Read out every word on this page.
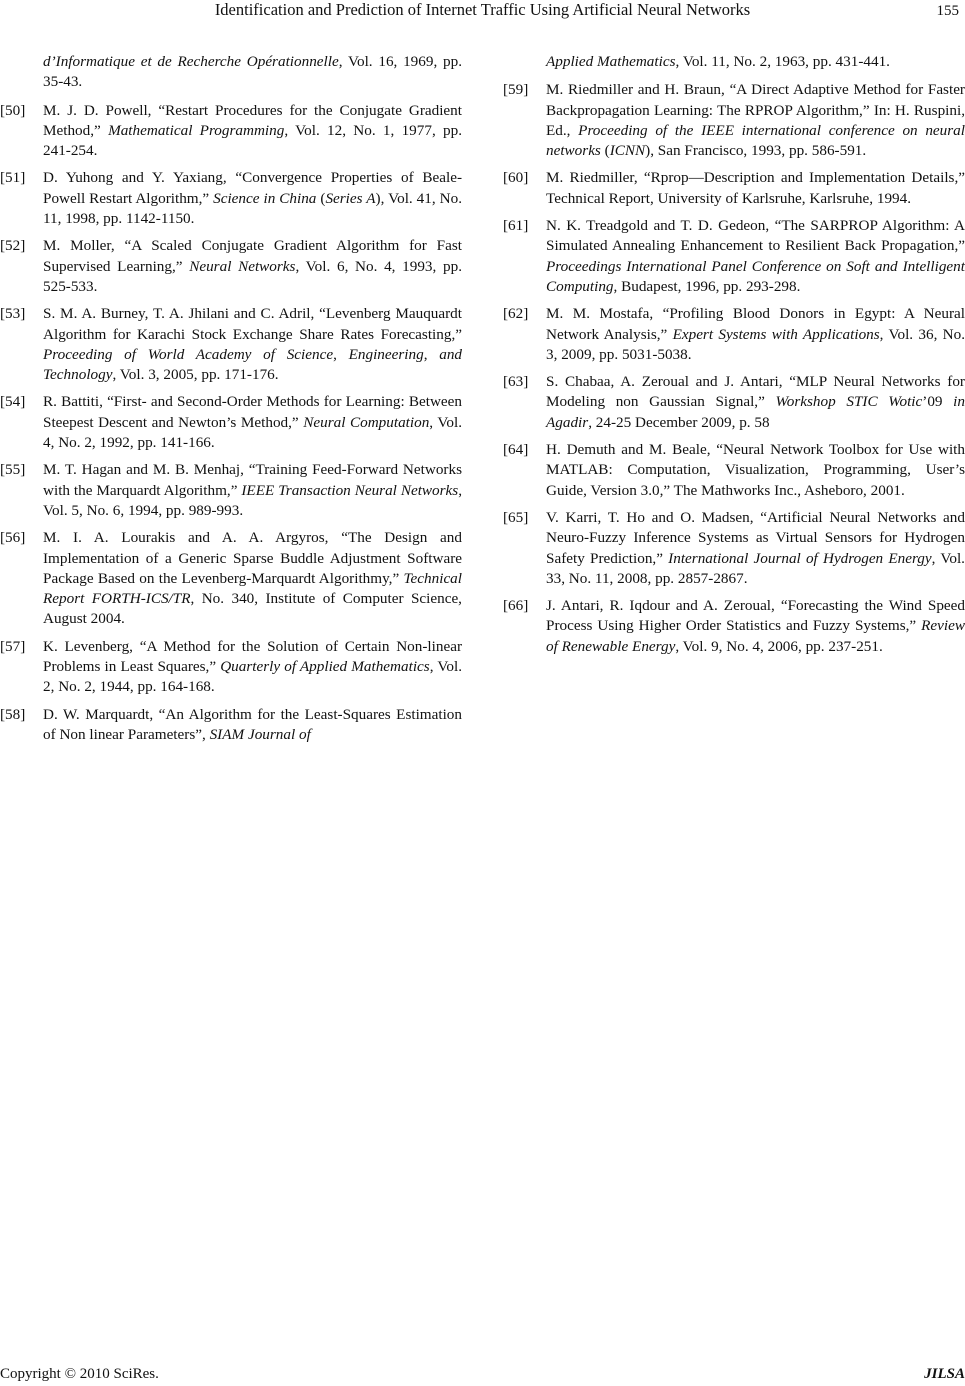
Identification and Prediction of Internet Traffic Using Artificial Neural Networks	155
d’Informatique et de Recherche Opérationnelle, Vol. 16, 1969, pp. 35-43.
[50] M. J. D. Powell, “Restart Procedures for the Conjugate Gradient Method,” Mathematical Programming, Vol. 12, No. 1, 1977, pp. 241-254.
[51] D. Yuhong and Y. Yaxiang, “Convergence Properties of Beale-Powell Restart Algorithm,” Science in China (Series A), Vol. 41, No. 11, 1998, pp. 1142-1150.
[52] M. Moller, “A Scaled Conjugate Gradient Algorithm for Fast Supervised Learning,” Neural Networks, Vol. 6, No. 4, 1993, pp. 525-533.
[53] S. M. A. Burney, T. A. Jhilani and C. Adril, “Levenberg Mauquardt Algorithm for Karachi Stock Exchange Share Rates Forecasting,” Proceeding of World Academy of Science, Engineering, and Technology, Vol. 3, 2005, pp. 171-176.
[54] R. Battiti, “First- and Second-Order Methods for Learning: Between Steepest Descent and Newton’s Method,” Neural Computation, Vol. 4, No. 2, 1992, pp. 141-166.
[55] M. T. Hagan and M. B. Menhaj, “Training Feed-Forward Networks with the Marquardt Algorithm,” IEEE Transaction Neural Networks, Vol. 5, No. 6, 1994, pp. 989-993.
[56] M. I. A. Lourakis and A. A. Argyros, “The Design and Implementation of a Generic Sparse Buddle Adjustment Software Package Based on the Levenberg-Marquardt Algorithmy,” Technical Report FORTH-ICS/TR, No. 340, Institute of Computer Science, August 2004.
[57] K. Levenberg, “A Method for the Solution of Certain Non-linear Problems in Least Squares,” Quarterly of Applied Mathematics, Vol. 2, No. 2, 1944, pp. 164-168.
[58] D. W. Marquardt, “An Algorithm for the Least-Squares Estimation of Non linear Parameters”, SIAM Journal of
Applied Mathematics, Vol. 11, No. 2, 1963, pp. 431-441.
[59] M. Riedmiller and H. Braun, “A Direct Adaptive Method for Faster Backpropagation Learning: The RPROP Algorithm,” In: H. Ruspini, Ed., Proceeding of the IEEE international conference on neural networks (ICNN), San Francisco, 1993, pp. 586-591.
[60] M. Riedmiller, “Rprop—Description and Implementation Details,” Technical Report, University of Karlsruhe, Karlsruhe, 1994.
[61] N. K. Treadgold and T. D. Gedeon, “The SARPROP Algorithm: A Simulated Annealing Enhancement to Resilient Back Propagation,” Proceedings International Panel Conference on Soft and Intelligent Computing, Budapest, 1996, pp. 293-298.
[62] M. M. Mostafa, “Profiling Blood Donors in Egypt: A Neural Network Analysis,” Expert Systems with Applications, Vol. 36, No. 3, 2009, pp. 5031-5038.
[63] S. Chabaa, A. Zeroual and J. Antari, “MLP Neural Networks for Modeling non Gaussian Signal,” Workshop STIC Wotic’09 in Agadir, 24-25 December 2009, p. 58
[64] H. Demuth and M. Beale, “Neural Network Toolbox for Use with MATLAB: Computation, Visualization, Programming, User’s Guide, Version 3.0,” The Mathworks Inc., Asheboro, 2001.
[65] V. Karri, T. Ho and O. Madsen, “Artificial Neural Networks and Neuro-Fuzzy Inference Systems as Virtual Sensors for Hydrogen Safety Prediction,” International Journal of Hydrogen Energy, Vol. 33, No. 11, 2008, pp. 2857-2867.
[66] J. Antari, R. Iqdour and A. Zeroual, “Forecasting the Wind Speed Process Using Higher Order Statistics and Fuzzy Systems,” Review of Renewable Energy, Vol. 9, No. 4, 2006, pp. 237-251.
Copyright © 2010 SciRes.	JILSA
